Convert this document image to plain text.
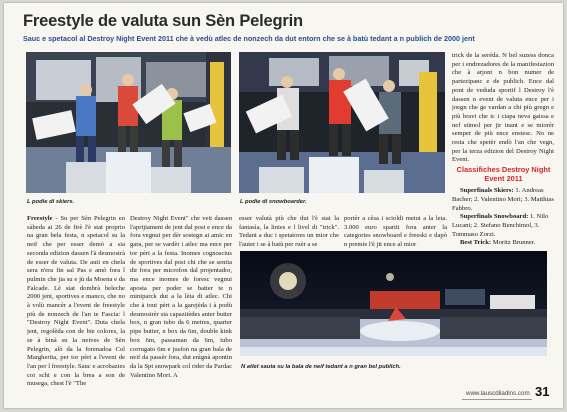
Freestyle de valuta sun Sèn Pelegrin
Sauc e spetacol al Destroy Night Event 2011 che à vedù atlec de nonzech da dut entorn che se à batù tedant a n publich de 2000 jent
L podie di skiers.	L podie di snowboarder.
Freestyle - Su per Sèn Pelegrin en sàbeda ai 26 de firè l'è stat proprio na gran bela festa, n spetacol su la neif che per esser demò a sia seconda edizion dassen l'à desmostrà de esser de valuta. De auti en chela sera n'era fin sal Pas e amò fora l pulmin che jia su e jù da Moena e da Falcade. Lè stat dombrà beleche 2000 jent, sportives e manco, che no à volù mancèr a l'event de freestyle più de nonzech de l'an te Fascia: l "Destroy Night Event". Duta chela jent, regolèda con de bie colores, la se à binà su la neives de Sèn Pelegrin, alò da la forenadoa Col Margherita, per tor pèrt a l'event de l'an per l freestyle. Sauc e acrobazies coi schi e con la brea a son de musega, chest l'è "The
Destroy Night Event" che veit dassen l'aprijiament de jent dal post e ence da fora vegnui per dèr sostegn ai amic en gara, per se vardèr i atlec ma ence per tor pèrt a la festa. Inomes cognoscius de sportives dal post chi che se sentia dir fora per microfon dal projentador, ma ence inomes de foresc vegnui aposta per poder se batter te n miniparck dut a la lèta di atlec. Chi che à tout pèrt a la garejèda i à podù desmostrèr sia capazitèdes anter butter box, n gran tubo da 6 metres, quarter pipe butter, n box da 6m, double kink box 6m, passaman da 6m, tubo corrugato 6m e jusfon na gran bala de neif da passèr fora, dut enìgnà apontin da la Spt snowpark col rider da Pardac Valentino Mori. A
esser valutà più che dut l'è stat la fantasìa, la linies e l livel di "trick". Tedant a duc i spetatores un mior che l'auter i se à batù per ruèr a se
portèr a cèsa i scioldi metui a la leta. 3.000 euro spartii fora anter la categories snowboard e freeski e dapò n premie l'è jit ence al mior
trick de la seréda. N bel suzess donca per i endrezadores de la manifestazion che à arjont n bon numer de partezipanc e de publich. Ence dal pont de veduda sportif l Destroy l'è dassen n event de valuta ence per i joegn che ge vardan a chi più gregn e più bravi che ic i ciapa neva gaissa e nef stimol per jir inant e se miorèr semper de più ence enstesc. No ne resta che spetèr endò l'an che vegn, per la terza edizion del Destroy Night Event.
Classifiches Destroy Night Event 2011
Superfinals Skiers: 1. Andreas Bacher; 2. Valentino Mori; 3. Matthias Fabbro.
Superfinals Snowboard: 1. Nilo Lucani; 2. Stefano Benchimol, 3. Tommaso Zorzi.
Best Trick: Moritz Brunner.
N atlet sauta su la bala de neif tedant a n gran bel publich.
www.lauscdiladins.com 31
